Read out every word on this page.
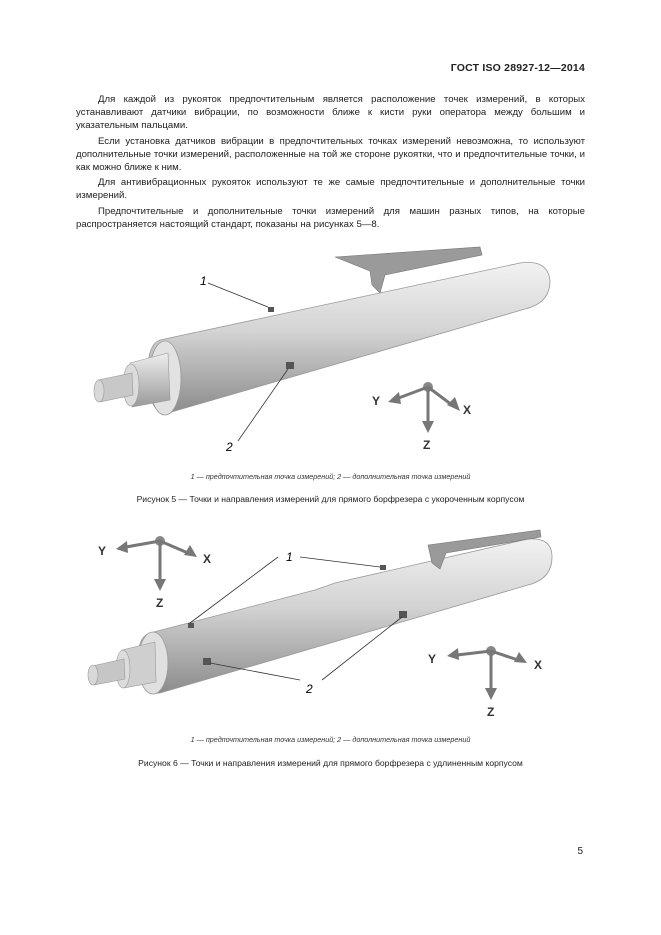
ГОСТ ISO 28927-12—2014

Для каждой из рукояток предпочтительным является расположение точек измерений, в которых устанавливают датчики вибрации, по возможности ближе к кисти руки оператора между большим и указательным пальцами.

Если установка датчиков вибрации в предпочтительных точках измерений невозможна, то используют дополнительные точки измерений, расположенные на той же стороне рукоятки, что и предпочтительные точки, и как можно ближе к ним.

Для антивибрационных рукояток используют те же самые предпочтительные и дополнительные точки измерений.

Предпочтительные и дополнительные точки измерений для машин разных типов, на которые распространяется настоящий стандарт, показаны на рисунках 5—8.

1
2
Y
X
Z
1 — предпочтительная точка измерений; 2 — дополнительная точка измерений
Рисунок 5 — Точки и направления измерений для прямого борфрезера с укороченным корпусом
1
2
Y
X
Z
Y	X
Z
1 — предпочтительная точка измерений; 2 — дополнительная точка измерений
Рисунок 6 — Точки и направления измерений для прямого борфрезера с удлиненным корпусом
5
